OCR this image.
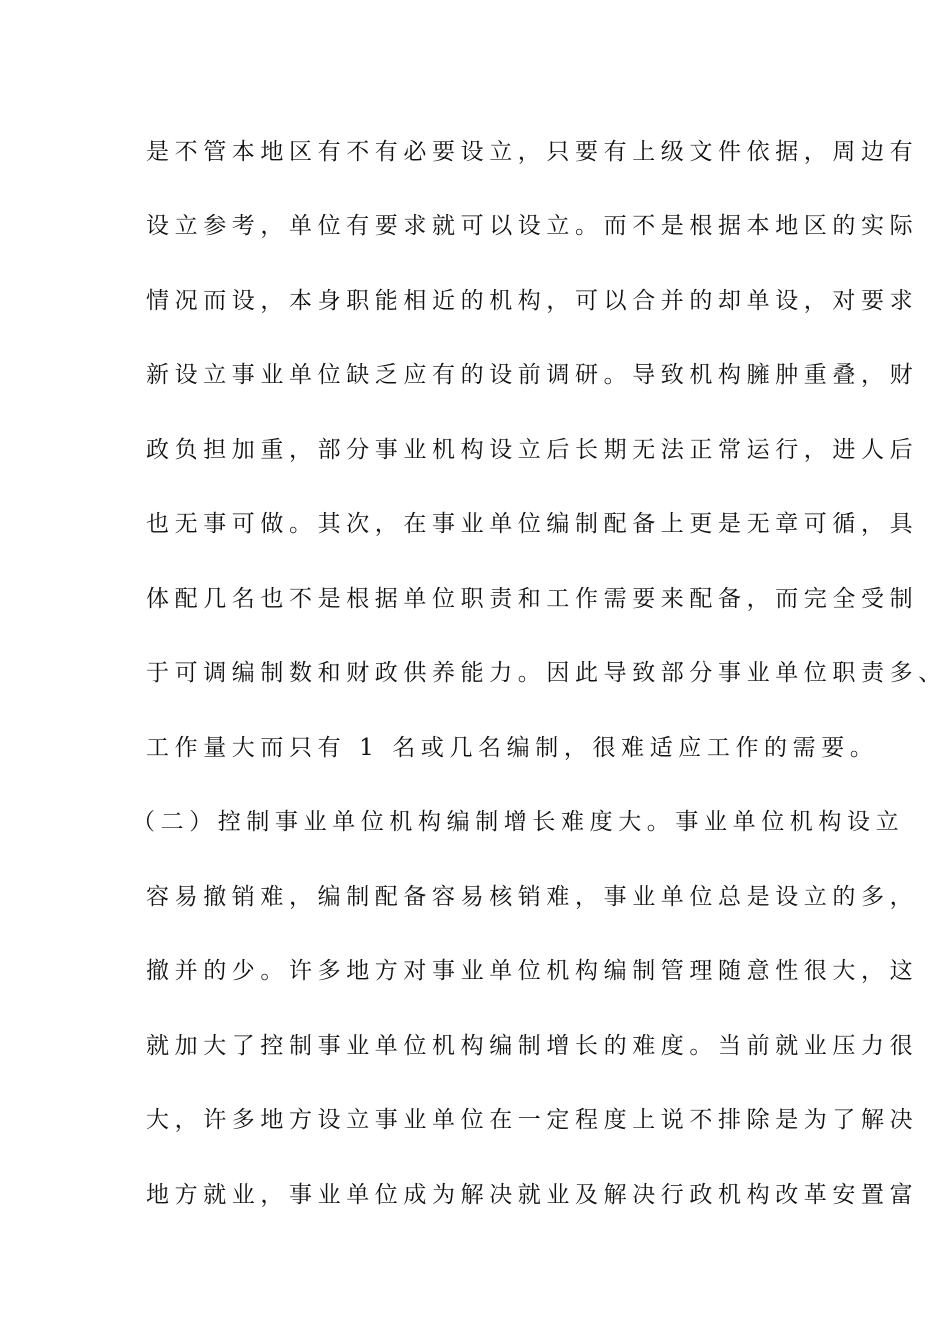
是不管本地区有不有必要设立，只要有上级文件依据，周边有
设立参考，单位有要求就可以设立。而不是根据本地区的实际
情况而设，本身职能相近的机构，可以合并的却单设，对要求
新设立事业单位缺乏应有的设前调研。导致机构臃肿重叠，财
政负担加重，部分事业机构设立后长期无法正常运行，进人后
也无事可做。其次，在事业单位编制配备上更是无章可循，具
体配几名也不是根据单位职责和工作需要来配备，而完全受制
于可调编制数和财政供养能力。因此导致部分事业单位职责多、
工作量大而只有 1 名或几名编制，很难适应工作的需要。
（二）控制事业单位机构编制增长难度大。事业单位机构设立
容易撤销难，编制配备容易核销难，事业单位总是设立的多，
撤并的少。许多地方对事业单位机构编制管理随意性很大，这
就加大了控制事业单位机构编制增长的难度。当前就业压力很
大，许多地方设立事业单位在一定程度上说不排除是为了解决
地方就业，事业单位成为解决就业及解决行政机构改革安置富
